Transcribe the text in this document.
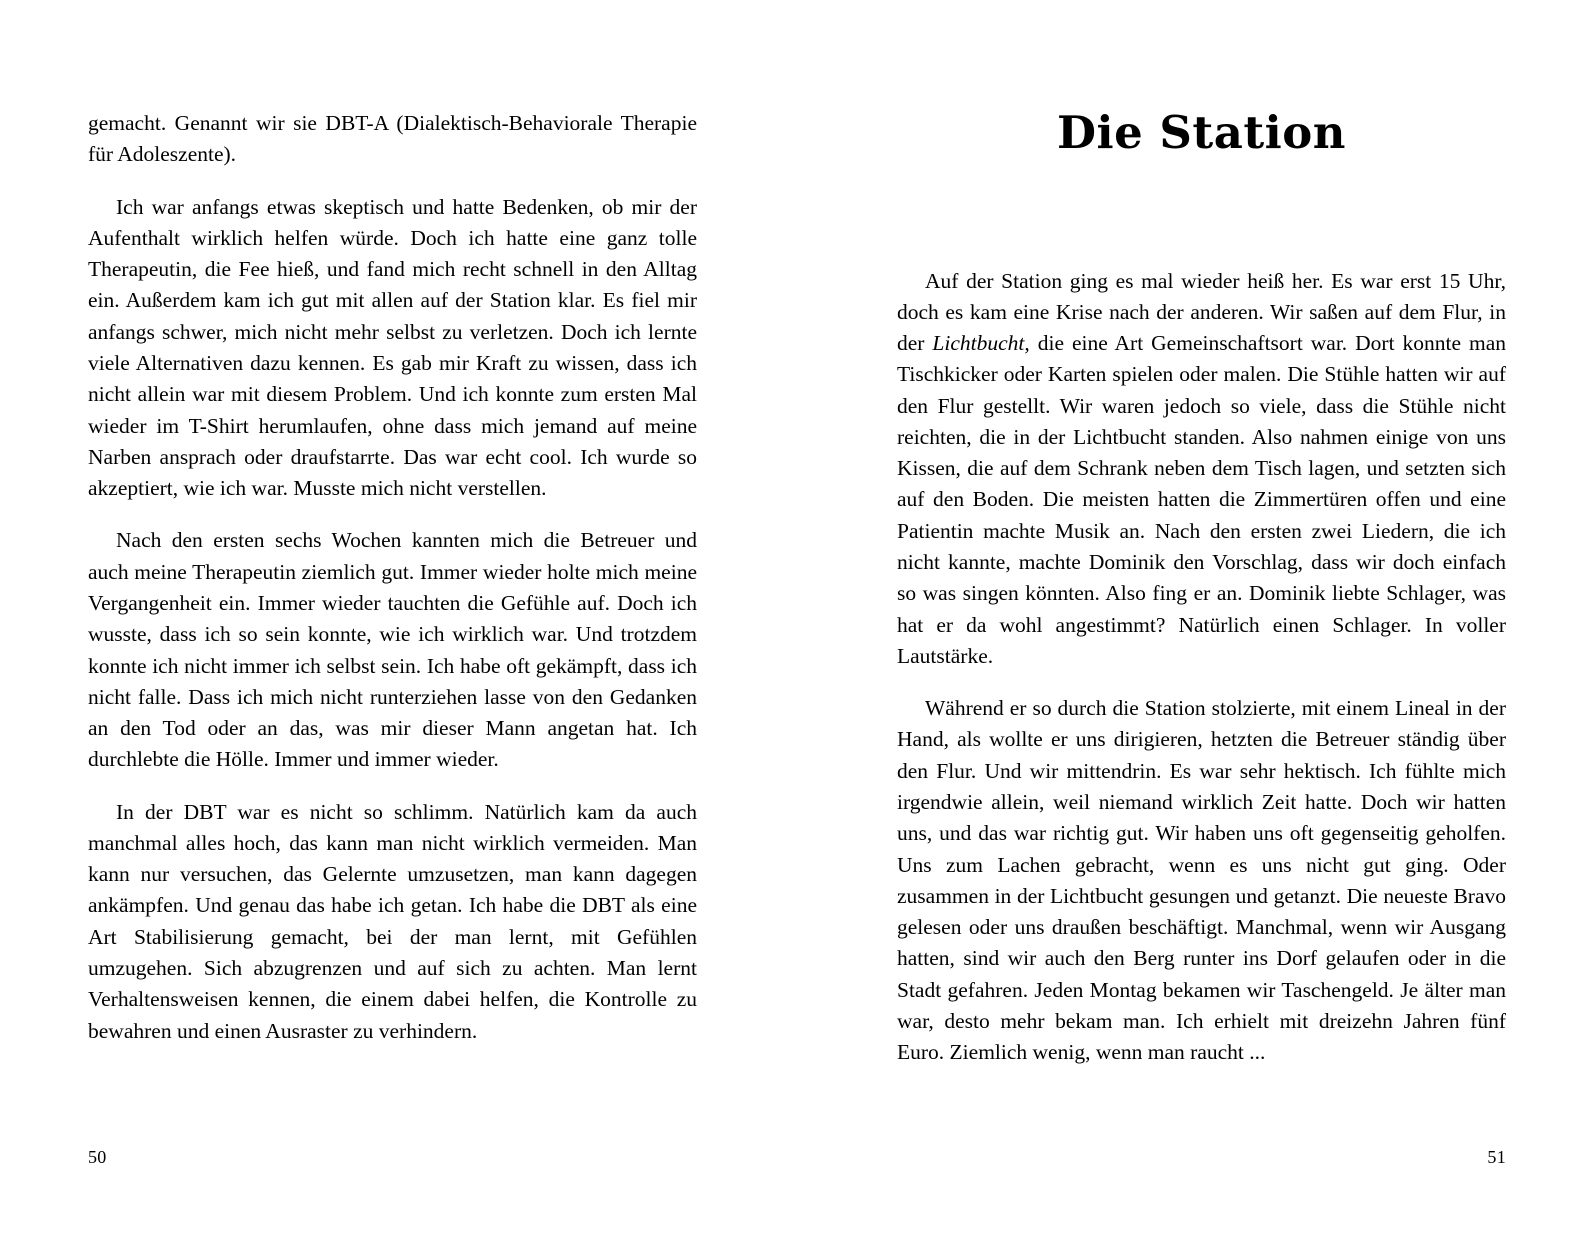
gemacht. Genannt wir sie DBT-A (Dialektisch-Behaviorale Therapie für Adoleszente).

Ich war anfangs etwas skeptisch und hatte Bedenken, ob mir der Aufenthalt wirklich helfen würde. Doch ich hatte eine ganz tolle Therapeutin, die Fee hieß, und fand mich recht schnell in den Alltag ein. Außerdem kam ich gut mit allen auf der Station klar. Es fiel mir anfangs schwer, mich nicht mehr selbst zu verletzen. Doch ich lernte viele Alternativen dazu kennen. Es gab mir Kraft zu wissen, dass ich nicht allein war mit diesem Problem. Und ich konnte zum ersten Mal wieder im T-Shirt herumlaufen, ohne dass mich jemand auf meine Narben ansprach oder draufstarrte. Das war echt cool. Ich wurde so akzeptiert, wie ich war. Musste mich nicht verstellen.

Nach den ersten sechs Wochen kannten mich die Betreuer und auch meine Therapeutin ziemlich gut. Immer wieder holte mich meine Vergangenheit ein. Immer wieder tauchten die Gefühle auf. Doch ich wusste, dass ich so sein konnte, wie ich wirklich war. Und trotzdem konnte ich nicht immer ich selbst sein. Ich habe oft gekämpft, dass ich nicht falle. Dass ich mich nicht runterziehen lasse von den Gedanken an den Tod oder an das, was mir dieser Mann angetan hat. Ich durchlebte die Hölle. Immer und immer wieder.

In der DBT war es nicht so schlimm. Natürlich kam da auch manchmal alles hoch, das kann man nicht wirklich vermeiden. Man kann nur versuchen, das Gelernte umzusetzen, man kann dagegen ankämpfen. Und genau das habe ich getan. Ich habe die DBT als eine Art Stabilisierung gemacht, bei der man lernt, mit Gefühlen umzugehen. Sich abzugrenzen und auf sich zu achten. Man lernt Verhaltensweisen kennen, die einem dabei helfen, die Kontrolle zu bewahren und einen Ausraster zu verhindern.

50
Die Station

Auf der Station ging es mal wieder heiß her. Es war erst 15 Uhr, doch es kam eine Krise nach der anderen. Wir saßen auf dem Flur, in der Lichtbucht, die eine Art Gemeinschaftsort war. Dort konnte man Tischkicker oder Karten spielen oder malen. Die Stühle hatten wir auf den Flur gestellt. Wir waren jedoch so viele, dass die Stühle nicht reichten, die in der Lichtbucht standen. Also nahmen einige von uns Kissen, die auf dem Schrank neben dem Tisch lagen, und setzten sich auf den Boden. Die meisten hatten die Zimmertüren offen und eine Patientin machte Musik an. Nach den ersten zwei Liedern, die ich nicht kannte, machte Dominik den Vorschlag, dass wir doch einfach so was singen könnten. Also fing er an. Dominik liebte Schlager, was hat er da wohl angestimmt? Natürlich einen Schlager. In voller Lautstärke.

Während er so durch die Station stolzierte, mit einem Lineal in der Hand, als wollte er uns dirigieren, hetzten die Betreuer ständig über den Flur. Und wir mittendrin. Es war sehr hektisch. Ich fühlte mich irgendwie allein, weil niemand wirklich Zeit hatte. Doch wir hatten uns, und das war richtig gut. Wir haben uns oft gegenseitig geholfen. Uns zum Lachen gebracht, wenn es uns nicht gut ging. Oder zusammen in der Lichtbucht gesungen und getanzt. Die neueste Bravo gelesen oder uns draußen beschäftigt. Manchmal, wenn wir Ausgang hatten, sind wir auch den Berg runter ins Dorf gelaufen oder in die Stadt gefahren. Jeden Montag bekamen wir Taschengeld. Je älter man war, desto mehr bekam man. Ich erhielt mit dreizehn Jahren fünf Euro. Ziemlich wenig, wenn man raucht ...

51
